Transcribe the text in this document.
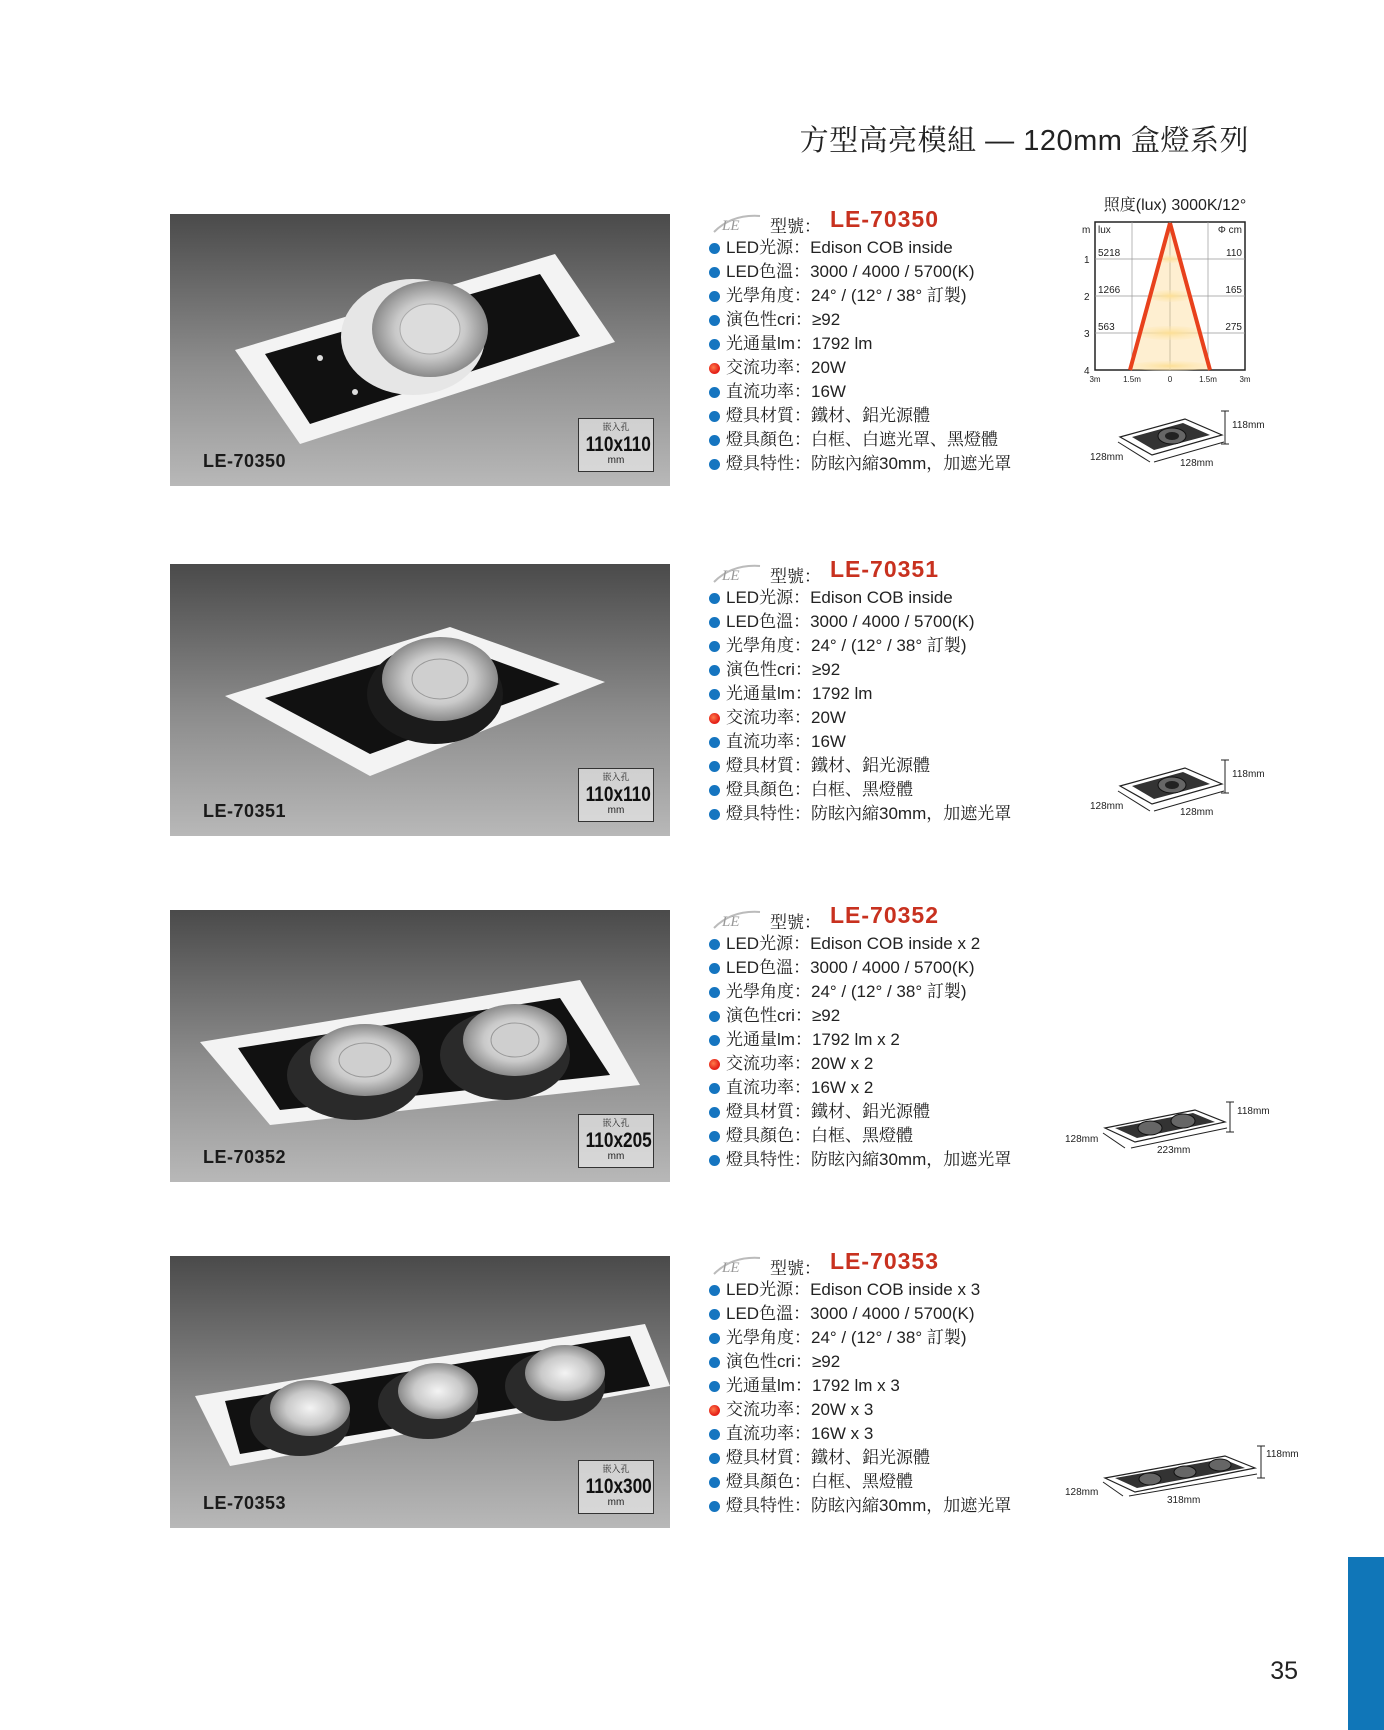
方型高亮模組 — 120mm 盒燈系列
LE-70350
嵌入孔
110x110
mm
LE 型號： LE-70350
LED光源：Edison COB inside
LED色溫：3000 / 4000 / 5700(K)
光學角度：24° / (12° / 38° 訂製)
演色性cri：≥92
光通量lm：1792 lm
交流功率：20W
直流功率：16W
燈具材質：鐵材、鋁光源體
燈具顏色：白框、白遮光罩、黑燈體
燈具特性：防眩內縮30mm，加遮光罩
照度(lux) 3000K/12°
lux	Φ cm
m
1
5218	110
2
1266	165
3
563	275
4
3m	1.5m	0	1.5m	3m
118mm
128mm
128mm
LE-70351
嵌入孔
110x110
mm
LE 型號： LE-70351
LED光源：Edison COB inside
LED色溫：3000 / 4000 / 5700(K)
光學角度：24° / (12° / 38° 訂製)
演色性cri：≥92
光通量lm：1792 lm
交流功率：20W
直流功率：16W
燈具材質：鐵材、鋁光源體
燈具顏色：白框、黑燈體
燈具特性：防眩內縮30mm，加遮光罩
118mm
128mm
128mm
LE-70352
嵌入孔
110x205
mm
LE 型號： LE-70352
LED光源：Edison COB inside x 2
LED色溫：3000 / 4000 / 5700(K)
光學角度：24° / (12° / 38° 訂製)
演色性cri：≥92
光通量lm：1792 lm x 2
交流功率：20W x 2
直流功率：16W x 2
燈具材質：鐵材、鋁光源體
燈具顏色：白框、黑燈體
燈具特性：防眩內縮30mm，加遮光罩
118mm
128mm
223mm
LE-70353
嵌入孔
110x300
mm
LE 型號： LE-70353
LED光源：Edison COB inside x 3
LED色溫：3000 / 4000 / 5700(K)
光學角度：24° / (12° / 38° 訂製)
演色性cri：≥92
光通量lm：1792 lm x 3
交流功率：20W x 3
直流功率：16W x 3
燈具材質：鐵材、鋁光源體
燈具顏色：白框、黑燈體
燈具特性：防眩內縮30mm，加遮光罩
118mm
128mm
318mm
35
